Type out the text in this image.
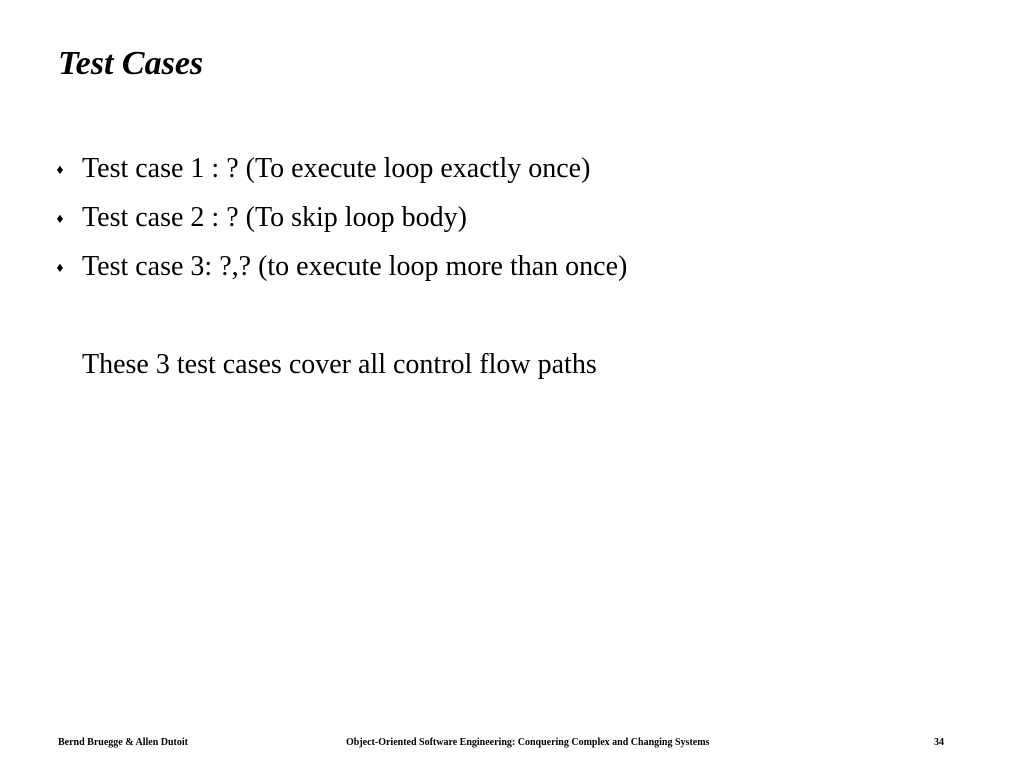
Test Cases
♦ Test case 1 : ? (To execute loop exactly once)
♦ Test case 2 : ? (To skip loop body)
♦ Test case 3: ?,? (to execute loop more than once)

These 3 test cases cover all control flow paths

Bernd Bruegge & Allen Dutoit	Object-Oriented Software Engineering: Conquering Complex and Changing Systems	34
